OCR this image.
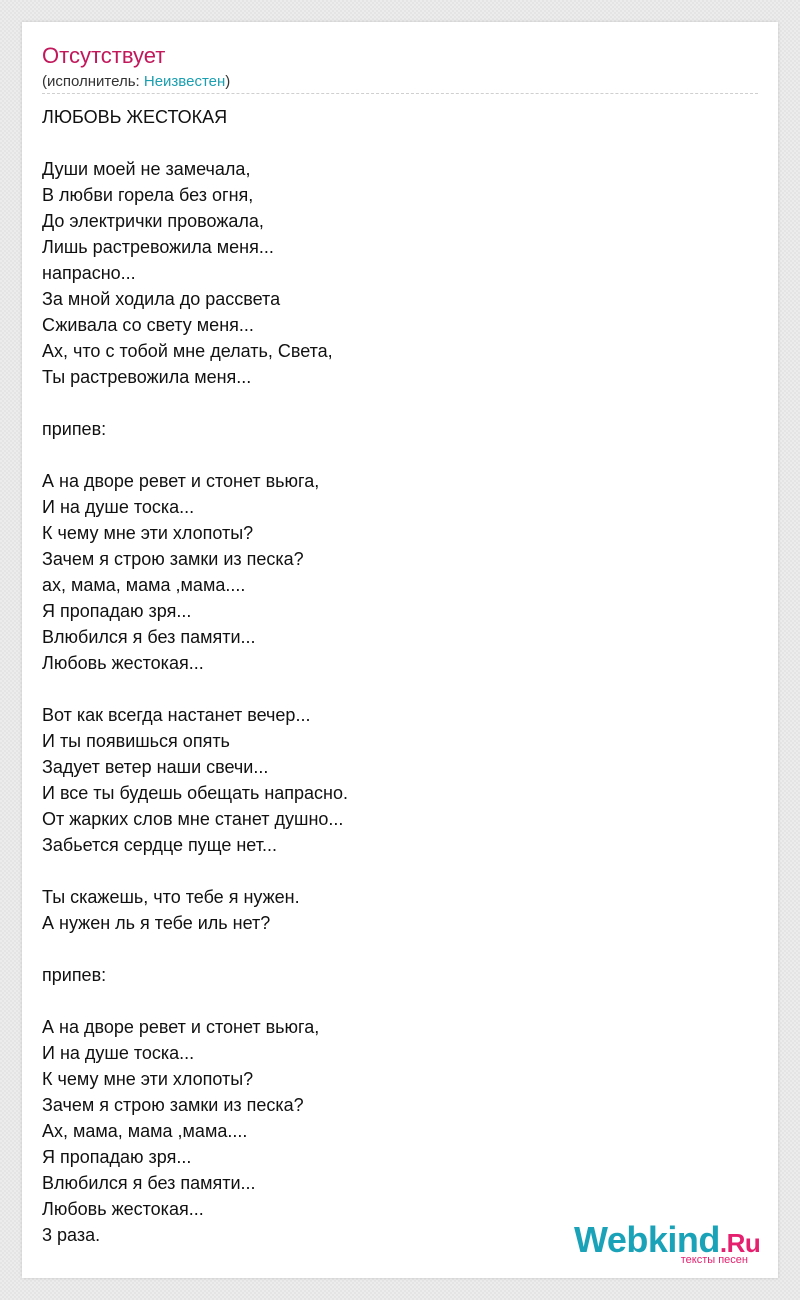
Отсутствует
(исполнитель: Неизвестен)
ЛЮБОВЬ ЖЕСТОКАЯ
Души моей не замечала,
В любви горела без огня,
До электрички провожала,
Лишь растревожила меня...
напрасно...
За мной ходила до рассвета
Сживала со свету меня...
Ах, что с тобой мне делать, Света,
Ты растревожила меня...
припев:
А на дворе ревет и стонет вьюга,
И на душе тоска...
К чему мне эти хлопоты?
Зачем я строю замки из песка?
ах, мама, мама ,мама....
Я пропадаю зря...
Влюбился я без памяти...
Любовь жестокая...
Вот как всегда настанет вечер...
И ты появишься опять
Задует ветер наши свечи...
И все ты будешь обещать напрасно.
От жарких слов мне станет душно...
Забьется сердце пуще нет...
Ты скажешь, что тебе я нужен.
А нужен ль я тебе иль нет?
припев:
А на дворе ревет и стонет вьюга,
И на душе тоска...
К чему мне эти хлопоты?
Зачем я строю замки из песка?
Ах, мама, мама ,мама....
Я пропадаю зря...
Влюбился я без памяти...
Любовь жестокая...
3 раза.	Webkind.Ru
тексты песен
